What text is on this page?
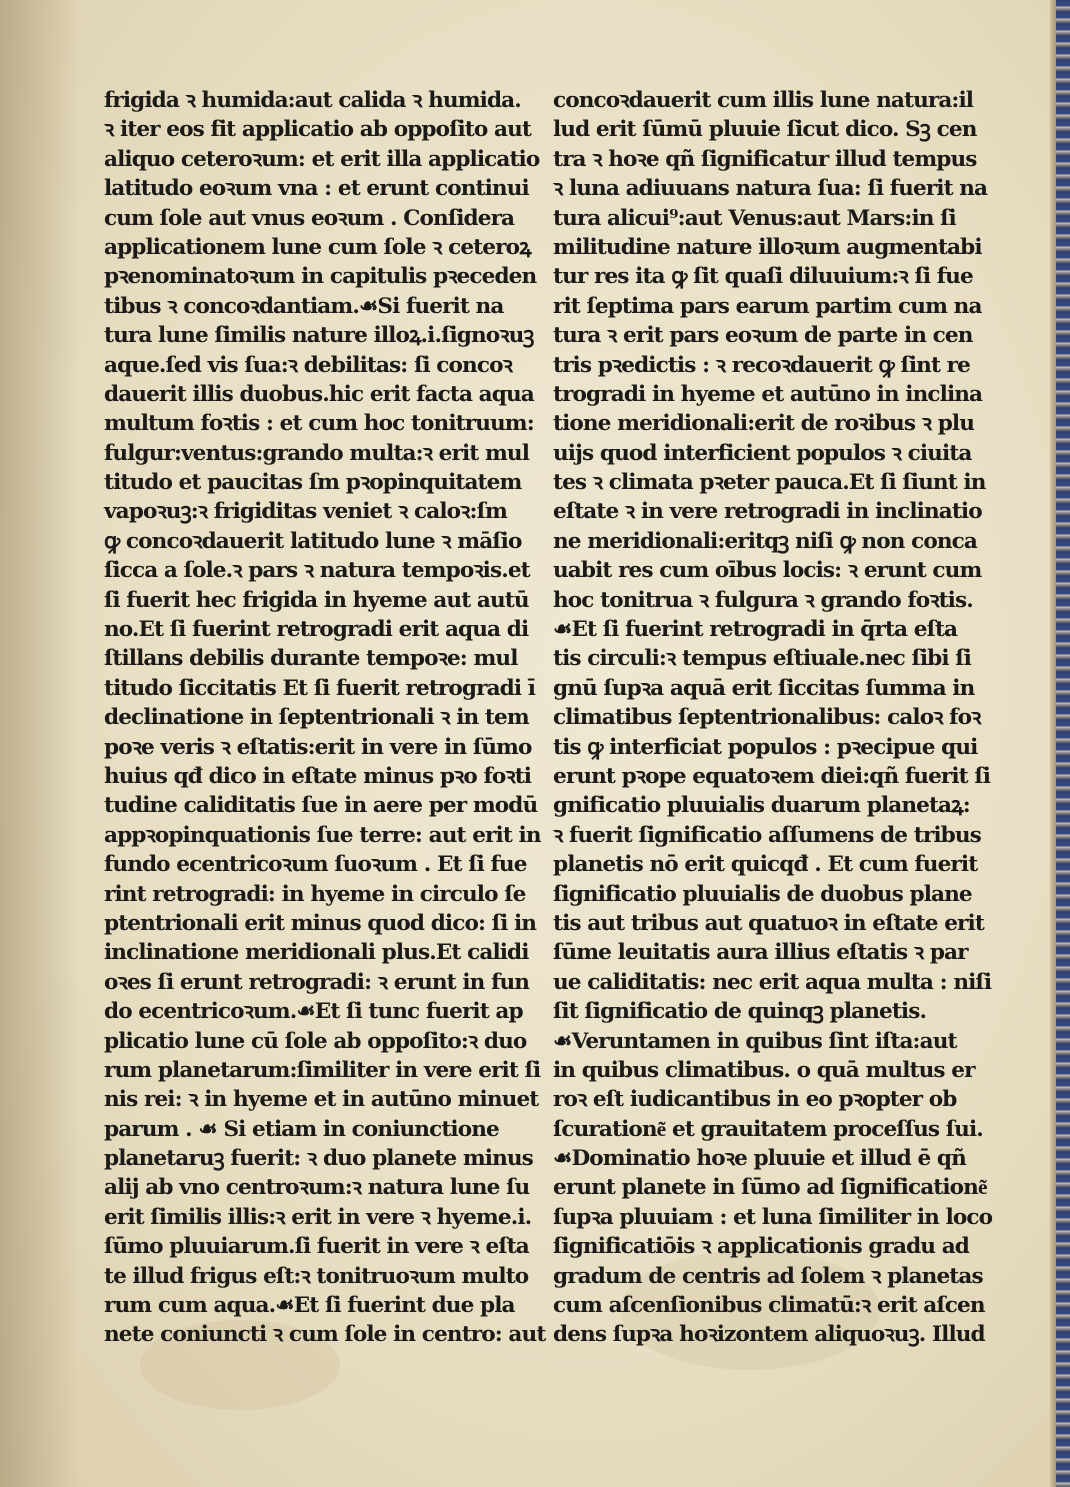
frigida ꝛ humida:aut calida ꝛ humida.
ꝛ iter eos fit applicatio ab oppoſito aut
aliquo ceteroꝛum: et erit illa applicatio
latitudo eoꝛum vna : et erunt continui
cum ſole aut vnus eoꝛum . Conſidera
applicationem lune cum ſole ꝛ ceteroꝝ
pꝛenominatoꝛum in capitulis pꝛeceden
tibus ꝛ concoꝛdantiam.☙Si fuerit na
tura lune ſimilis nature illoꝝ.i.ſignoꝛuꝫ
aque.ſed vis ſua:ꝛ debilitas: ſi concoꝛ
dauerit illis duobus.hic erit facta aqua
multum foꝛtis : et cum hoc tonitruum:
fulgur:ventus:grando multa:ꝛ erit mul
titudo et paucitas ſm pꝛopinquitatem
vapoꝛuꝫ:ꝛ frigiditas veniet ꝛ caloꝛ:ſm
ꝙ concoꝛdauerit latitudo lune ꝛ māſio
ſicca a ſole.ꝛ pars ꝛ natura tempoꝛis.et
ſi fuerit hec frigida in hyeme aut autū
no.Et ſi fuerint retrogradi erit aqua di
ſtillans debilis durante tempoꝛe: mul
titudo ſiccitatis Et ſi fuerit retrogradi ī
declinatione in ſeptentrionali ꝛ in tem
poꝛe veris ꝛ eſtatis:erit in vere in ſūmo
huius qđ dico in eſtate minus pꝛo foꝛti
tudine caliditatis ſue in aere per modū
appꝛopinquationis ſue terre: aut erit in
fundo ecentricoꝛum ſuoꝛum . Et ſi fue
rint retrogradi: in hyeme in circulo ſe
ptentrionali erit minus quod dico: ſi in
inclinatione meridionali plus.Et calidi
oꝛes ſi erunt retrogradi: ꝛ erunt in fun
do ecentricoꝛum.☙Et ſi tunc fuerit ap
plicatio lune cū ſole ab oppoſito:ꝛ duo
rum planetarum:ſimiliter in vere erit ſi
nis rei: ꝛ in hyeme et in autūno minuet
parum . ☙ Si etiam in coniunctione
planetaruꝫ fuerit: ꝛ duo planete minus
alij ab vno centroꝛum:ꝛ natura lune ſu
erit ſimilis illis:ꝛ erit in vere ꝛ hyeme.i.
ſūmo pluuiarum.ſi fuerit in vere ꝛ eſta
te illud frigus eſt:ꝛ tonitruoꝛum multo
rum cum aqua.☙Et ſi fuerint due pla
nete coniuncti ꝛ cum ſole in centro: aut
concoꝛdauerit cum illis lune natura:il
lud erit ſūmū pluuie ſicut dico. Sꝫ cen
tra ꝛ hoꝛe qñ ſignificatur illud tempus
ꝛ luna adiuuans natura ſua: ſi fuerit na
tura alicui⁹:aut Venus:aut Mars:in ſi
militudine nature illoꝛum augmentabi
tur res ita ꝙ ſit quaſi diluuium:ꝛ ſi fue
rit ſeptima pars earum partim cum na
tura ꝛ erit pars eoꝛum de parte in cen
tris pꝛedictis : ꝛ recoꝛdauerit ꝙ ſint re
trogradi in hyeme et autūno in inclina
tione meridionali:erit de roꝛibus ꝛ plu
uijs quod interficient populos ꝛ ciuita
tes ꝛ climata pꝛeter pauca.Et ſi ſiunt in
eſtate ꝛ in vere retrogradi in inclinatio
ne meridionali:eritqꝫ niſi ꝙ non conca
uabit res cum oībus locis: ꝛ erunt cum
hoc tonitrua ꝛ fulgura ꝛ grando foꝛtis.
☙Et ſi fuerint retrogradi in q̄rta eſta
tis circuli:ꝛ tempus eſtiuale.nec ſibi ſi
gnū ſupꝛa aquā erit ſiccitas ſumma in
climatibus ſeptentrionalibus: caloꝛ foꝛ
tis ꝙ interficiat populos : pꝛecipue qui
erunt pꝛope equatoꝛem diei:qñ fuerit ſi
gnificatio pluuialis duarum planetaꝝ:
ꝛ fuerit ſignificatio aſſumens de tribus
planetis nō erit quicqđ . Et cum fuerit
ſignificatio pluuialis de duobus plane
tis aut tribus aut quatuoꝛ in eſtate erit
ſūme leuitatis aura illius eſtatis ꝛ par
ue caliditatis: nec erit aqua multa : niſi
ſit ſignificatio de quinqꝫ planetis.
☙Veruntamen in quibus ſint iſta:aut
in quibus climatibus. o quā multus er
roꝛ eſt iudicantibus in eo pꝛopter ob
ſcuratione͂ et grauitatem proceſſus ſui.
☙Dominatio hoꝛe pluuie et illud ē qñ
erunt planete in ſūmo ad ſignificatione͂
ſupꝛa pluuiam : et luna ſimiliter in loco
ſignificatiōis ꝛ applicationis gradu ad
gradum de centris ad ſolem ꝛ planetas
cum aſcenſionibus climatū:ꝛ erit aſcen
dens ſupꝛa hoꝛizontem aliquoꝛuꝫ. Illud
